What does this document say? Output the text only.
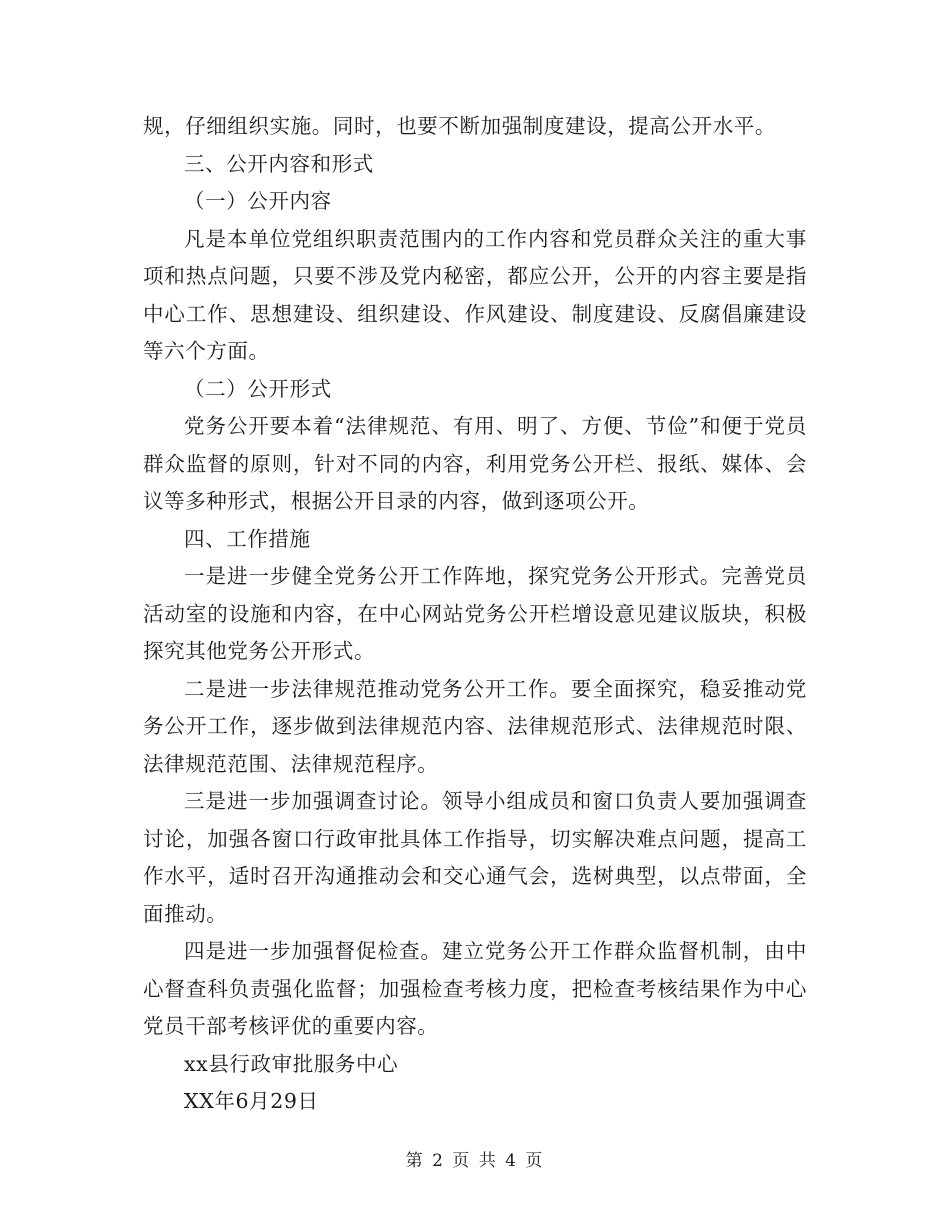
规，仔细组织实施。同时，也要不断加强制度建设，提高公开水平。

三、公开内容和形式

（一）公开内容

凡是本单位党组织职责范围内的工作内容和党员群众关注的重大事项和热点问题，只要不涉及党内秘密，都应公开，公开的内容主要是指中心工作、思想建设、组织建设、作风建设、制度建设、反腐倡廉建设等六个方面。

（二）公开形式

党务公开要本着“法律规范、有用、明了、方便、节俭”和便于党员群众监督的原则，针对不同的内容，利用党务公开栏、报纸、媒体、会议等多种形式，根据公开目录的内容，做到逐项公开。

四、工作措施

一是进一步健全党务公开工作阵地，探究党务公开形式。完善党员活动室的设施和内容，在中心网站党务公开栏增设意见建议版块，积极探究其他党务公开形式。

二是进一步法律规范推动党务公开工作。要全面探究，稳妥推动党务公开工作，逐步做到法律规范内容、法律规范形式、法律规范时限、法律规范范围、法律规范程序。

三是进一步加强调查讨论。领导小组成员和窗口负责人要加强调查讨论，加强各窗口行政审批具体工作指导，切实解决难点问题，提高工作水平，适时召开沟通推动会和交心通气会，选树典型，以点带面，全面推动。

四是进一步加强督促检查。建立党务公开工作群众监督机制，由中心督查科负责强化监督；加强检查考核力度，把检查考核结果作为中心党员干部考核评优的重要内容。

xx县行政审批服务中心

XX年6月29日

第 2 页 共 4 页
